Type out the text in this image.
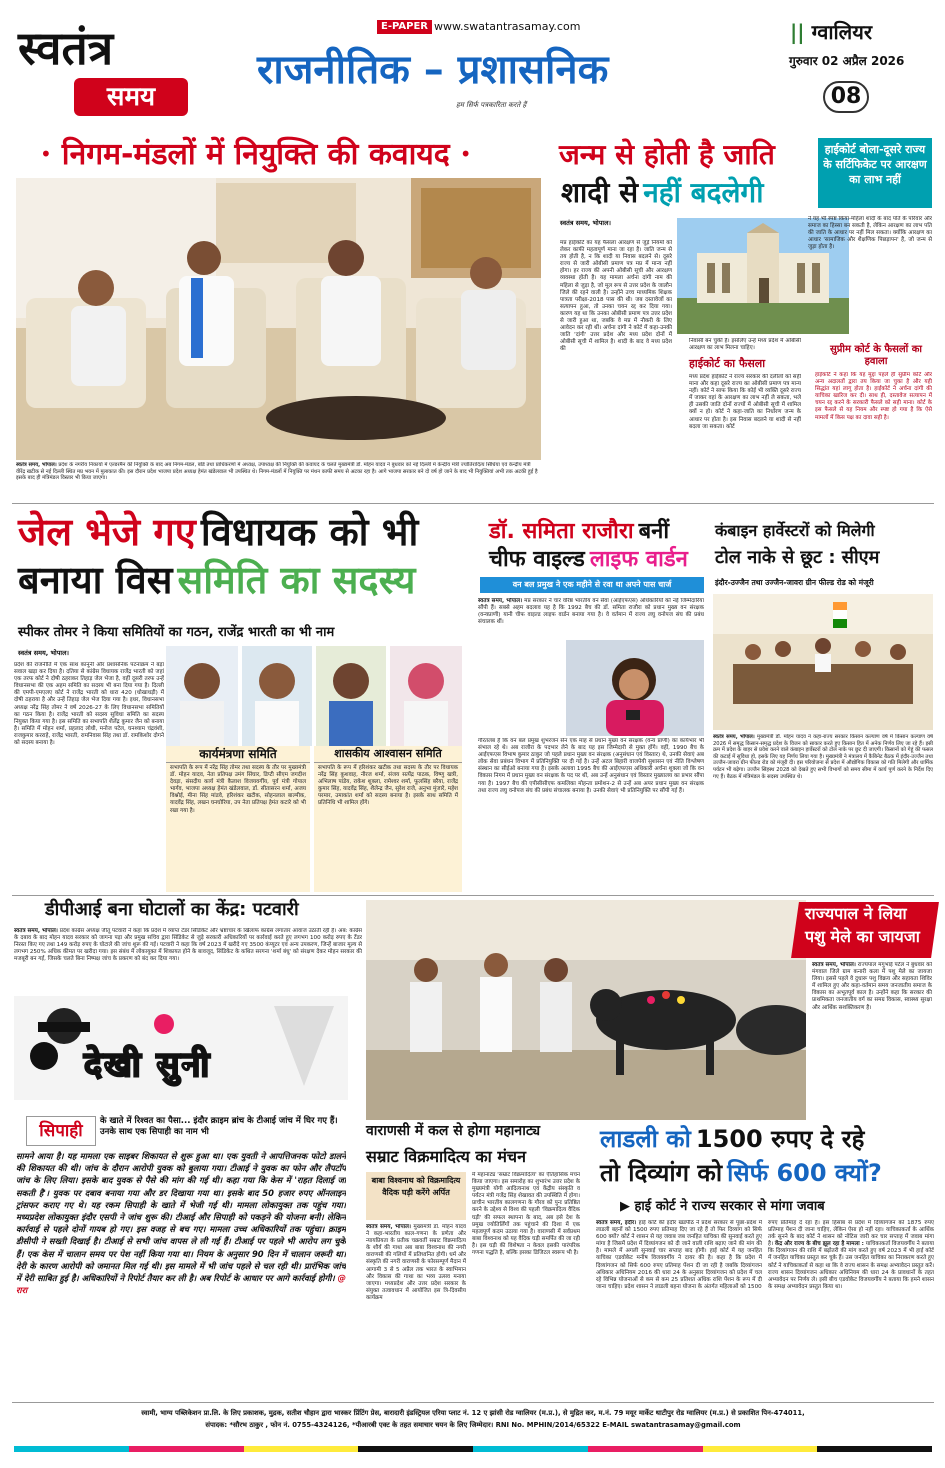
स्वतंत्र
समय
E-PAPER www.swatantrasamay.com
राजनीतिक – प्रशासनिक
हम सिर्फ पत्रकारिता करते हैं
|| ग्वालियर
गुरुवार 02 अप्रैल 2026
08
• निगम-मंडलों में नियुक्ति की कवायद •
स्वतंत्र समय, भोपाल। प्रदेश के नगरीय निकायों में एल्डरमैन की नियुक्ति के बाद अब निगम-मंडल, बोर्ड तथा प्राधिकरणों में अध्यक्ष, उपाध्यक्ष की नियुक्ति की कवायद के चलते मुख्यमंत्री डॉ. मोहन यादव ने बुधवार को नई दिल्ली में केन्द्रीय मंत्री ज्योतिरादित्य सिंधिया एवं केन्द्रीय मंत्री वीरेंद्र खटीक से नई दिल्ली स्थित मप्र भवन में मुलाकात की। इस दौरान प्रदेश भाजपा प्रदेश अध्यक्ष हेमंत खंडेलवाल भी उपस्थित थे। निगम-मंडलों में नियुक्ति पर मंथन काफी समय से अटका रहा है। आगे भाजपा सरकार बने दो वर्ष हो जाने के बाद भी नियुक्तियां अभी तक अटकी हुई है इसके बाद ही मंत्रिमंडल विस्तार भी किया जाएगा।
जन्म से होती है जाति
शादी से नहीं बदलेगी
हाईकोर्ट बोला-दूसरे राज्य के सर्टिफिकेट पर आरक्षण का लाभ नहीं
स्वतंत्र समय, भोपाल।
मप्र हाईकोर्ट का यह फैसला आरक्षण से जुड़े नियमों को लेकर काफी महत्वपूर्ण माना जा रहा है। जाति जन्म से तय होती है, न कि शादी या निवास बदलने से। दूसरे राज्य से जारी ओबीसी प्रमाण पत्र मप्र में मान्य नहीं होगा। हर राज्य की अपनी ओबीसी सूची और आरक्षण व्यवस्था होती है। यह मामला अर्चना दांगी नाम की महिला से जुड़ा है, जो मूल रूप से उत्तर प्रदेश के जालौन जिले की रहने वाली है। उन्होंने उच्च माध्यमिक शिक्षक पात्रता परीक्षा-2018 पास की थी। जब दस्तावेजों का सत्यापन हुआ, तो उनका चयन रद्द कर दिया गया। कारण यह था कि उनका ओबीसी प्रमाण पत्र उत्तर प्रदेश से जारी हुआ था, जबकि वे मप्र में नौकरी के लिए आवेदन कर रही थीं। अर्चना दांगी ने कोर्ट में कहा-उनकी जाति 'दांगी' उत्तर प्रदेश और मध्य प्रदेश दोनों में ओबीसी सूची में शामिल है। शादी के बाद वे मध्य प्रदेश की
निवासी बन चुकी हैं। इसलिए उन्हें मध्य प्रदेश में ओबीसी आरक्षण का लाभ मिलना चाहिए।
हाईकोर्ट का फैसला
मध्य प्रदेश हाईकोर्ट ने राज्य सरकार की दलीलों को सही माना और कहा दूसरे राज्य का ओबीसी प्रमाण पत्र मान्य नहीं। कोर्ट ने साफ किया कि कोई भी व्यक्ति दूसरे राज्य में जाकर वहां के आरक्षण का लाभ नहीं ले सकता, भले ही उसकी जाति दोनों राज्यों में ओबीसी सूची में शामिल क्यों न हो। कोर्ट ने कहा-जाति का निर्धारण जन्म के आधार पर होता है। इस निवास बदलने या शादी से नहीं बदला जा सकता। कोर्ट
ने यह भी स्पष्ट किया-महिला शादी के बाद पति के परिवार और समाज का हिस्सा बन सकती है, लेकिन आरक्षण का लाभ पति की जाति के आधार पर नहीं मिल सकता। क्योंकि आरक्षण का आधार 'सामाजिक और शैक्षणिक पिछड़ापन' है, जो जन्म से जुड़ा होता है।
सुप्रीम कोर्ट के फैसलों का हवाला
हाईकोर्ट ने कहा कि यह मुद्दा पहले ही सुप्रीम कोर्ट और अन्य अदालतों द्वारा तय किया जा चुका है और यही सिद्धांत यहां लागू होता है। हाईकोर्ट ने अर्चना दांगी की याचिका खारिज कर दी। साथ ही, दस्तावेज सत्यापन में चयन रद्द करने के सरकारी फैसले को सही माना। कोर्ट के इस फैसले से यह नियम और स्पष्ट हो गया है कि ऐसे मामलों में किस पक्ष का दावा सही है।
जेल भेजे गए विधायक को भी
बनाया विस समिति का सदस्य
स्पीकर तोमर ने किया समितियों का गठन, राजेंद्र भारती का भी नाम
स्वतंत्र समय, भोपाल।
प्रदेश की राजनीति में एक साथ कानूनी और प्रशासनिक पटनाक्रम ने बड़ा सवाल खड़ा कर दिया है। दतिया से कांग्रेस विधायक राजेंद्र भारती को जहां एक तरफ कोर्ट ने दोषी ठहराकर तिहाड़ जेल भेजा है, वहीं दूसरी तरफ उन्हें विधानसभा की एक अहम समिति का सदस्य भी बना दिया गया है। दिल्ली की एमपी-एमएलए कोर्ट ने राजेंद्र भारती को धारा 420 (धोखाधड़ी) में दोषी ठहराया है और उन्हें तिहाड़ जेल भेज दिया गया है। इधर, विधानसभा अध्यक्ष नरेंद्र सिंह तोमर ने वर्ष 2026-27 के लिए विधानसभा समितियों का गठन किया है। राजेंद्र भारती को सदस्य सुविधा समिति का सदस्य नियुक्त किया गया है। इस समिति का सभापति शैलेंद्र कुमार जैन को बनाया है। समिति में मोहन शर्मा, प्रहलाद लोधी, मनोज पटेल, घनश्याम चंद्रवंशी, राजकुमार करराहे, राजेंद्र भारती, रामनिवास सिंह तथा डॉ. रामकिशोर दोगने को सदस्य बनाया है।
कार्यमंत्रणा समिति
सभापति के रूप में नरेंद्र सिंह तोमर तथा सदस्य के तौर पर मुख्यमंत्री डॉ. मोहन यादव, नेता प्रतिपक्ष उमंग सिंघार, डिप्टी सीएम जगदीश देवड़ा, संसदीय कार्य मंत्री कैलाश विजयवर्गीय, पूर्व मंत्री गोपाल भार्गव, भाजपा अध्यक्ष हेमंत खंडेलवाल, डॉ. सीतासरन शर्मा, अजय विश्नोई, मीना सिंह मांडवे, हरिशंकर खटीक, सोहनलाल बाल्मीक, यादवेंद्र सिंह, लखन घनघोरिया, उप नेता प्रतिपक्ष हेमंत कटारे को भी रखा गया है।
शासकीय आश्वासन समिति
सभापति के रूप में हरिशंकर खटीक तथा सदस्य के तौर पर विधायक नरेंद्र सिंह कुशवाह, नीरज शर्मा, संजय सत्येंद्र पाठक, विष्णु खत्री, अभिलाष पांडेय, राकेश शुक्ला, रामेश्वर शर्मा, फूलसिंह बरैया, राजेंद्र कुमार सिंह, यादवेंद्र सिंह, शैलेन्द्र जैन, सुरेश राजे, अनुभा मुंजारे, महेश परमार, उमाकांत शर्मा को सदस्य बनाया है। इसके साथ समिति में प्रतिनिधि भी शामिल होंगे।
डॉ. समिता राजौरा बनीं
चीफ वाइल्ड लाइफ वार्डन
वन बल प्रमुख ने एक महीने से रवा था अपने पास चार्ज
स्वतंत्र समय, भोपाल। मप्र सरकार ने चार वरिष्ठ भारतीय वन सेवा (आईएफएस) अधिकारियों को नई जिम्मेदारियां सौंपी हैं। सबसे अहम बदलाव यह है कि 1992 बैच की डॉ. समिता राजौरा को प्रधान मुख्य वन संरक्षक (वन्यप्राणी) यानी चीफ वाइल्ड लाइफ वार्डन बनाया गया है। वे वर्तमान में राज्य लघु वनोपज संघ की प्रबंध संचालक थीं।
गौरतलब है कि वन बल प्रमुख शुभरंजन सेन एक माह से प्रधान मुख्य वन संरक्षक (वन्य प्राणी) का कार्यभार भी संभाल रहे थे। अब राजौरा के पदभार लेने के बाद यह इस जिम्मेदारी से मुक्त होंगे। वहीं, 1990 बैच के आईएफएस विभाष कुमार ठाकुर जो पहले प्रधान मुख्य वन संरक्षक (अनुसंधान एवं विस्तार) थे, उनकी सेवाएं अब लोक सेवा प्रबंधन विभाग में प्रतिनियुक्ति पर दी गई है। उन्हें अटल बिहारी वाजपेयी सुशासन एवं नीति विश्लेषण संस्थान का सीईओ बनाया गया है। इसके अलावा 1995 बैच की आईएफएस अधिकारी अर्चना शुक्ला जो कि वन विकास निगम में प्रधान मुख्य वन संरक्षक के पद पर थीं, अब उन्हें अनुसंधान एवं विस्तार मुख्यालय का प्रभार सौंपा गया है। 1997 बैच की एपीसीसीएफ कमलिका मोहन्ता प्रमोशन-2 से उन्हें अब अपर प्रधान मुख्य वन संरक्षक तथा राज्य लघु वनोपज संघ की प्रबंध संचालक बनाया है। उनकी सेवाएं भी प्रतिनियुक्ति पर सौंपी गई हैं।
कंबाइन हार्वेस्टरों को मिलेगी
टोल नाके से छूट : सीएम
इंदौर-उज्जैन तथा उज्जैन-जावरा ग्रीन फील्ड रोड को मंजूरी
स्वतंत्र समय, भोपाल। मुख्यमंत्री डॉ. मोहन यादव ने कहा-राज्य सरकार किसान कल्याण वर्ष में किसान कल्याण वर्ष 2026 में समृद्ध किसान-समृद्ध प्रदेश के विजन को साकार करते हुए किसान हित में अनेक निर्णय लिए जा रहे हैं। इसी क्रम में प्रदेश के बाहर से प्रवेश करने वाले कंबाइन हार्वेस्टरों को टोल नाके पर छूट दी जाएगी। किसानों को गेहूं की फसल की कटाई में सुविधा हो, इसके लिए यह निर्णय लिया गया है। मुख्यमंत्री ने मंत्रालय में कैबिनेट बैठक में इंदौर-उज्जैन तथा उज्जैन-जावरा ग्रीन फील्ड रोड को मंजूरी दी। इस परियोजना से प्रदेश में औद्योगिक विकास को गति मिलेगी और धार्मिक पर्यटन भी बढ़ेगा। उज्जैन सिंहस्थ 2028 को देखते हुए सभी विभागों को समय सीमा में कार्य पूर्ण करने के निर्देश दिए गए हैं। बैठक में मंत्रिमंडल के सदस्य उपस्थित थे।
डीपीआई बना घोटालों का केंद्र: पटवारी
स्वतंत्र समय, भोपाल। प्रदेश कांग्रेस अध्यक्ष जीतू पटवारी ने कहा कि प्रदेश में व्याप्त टेंडर सिंडिकेट और भ्रष्टाचार के खिलाफ कांग्रेस लगातार आवाज उठाती रही है। अब: कांग्रेस के दबाव के बाद मोहन यादव सरकार को जागना पड़ा और प्रमुख सचिव द्वारा सिंडिकेट से जुड़े सरकारी अधिकारियों पर कार्रवाई करते हुए लगभग 100 करोड़ रुपए के टेंडर निरस्त किए गए तथा 149 करोड़ रुपए के घोटाले की जांच शुरू की गई। पटवारी ने कहा कि वर्ष 2023 में खरीदे गए 3500 कंप्यूटर एवं अन्य उपकरण, जिन्हें बाजार मूल्य से लगभग 250% अधिक कीमत पर खरीदा गया। इस संबंध में लोकायुक्त में शिकायत होने के बावजूद, सिंडिकेट के कथित सरगना 'शर्मा बंधु' को संरक्षण देकर मोहन सरकार की मजबूरी बन गई, जिसके चलते बिना निष्पक्ष जांच के प्रकरण को बंद कर दिया गया।
राज्यपाल ने लिया
पशु मेले का जायजा
स्वतंत्र समय, भोपाल। राज्यपाल मंगुभाई पटेल ने बुधवार को मंगवाल जिले ग्राम कनारी कला में पशु मेले का जायजा लिया। इससे पहले वे दुधारू पशु विक्रय और सहायता शिविर में शामिल हुए और कहा-वर्तमान समय जनजातीय समाज के विकास का अभूतपूर्व काल है। उन्होंने कहा कि सरकार की प्राथमिकता जनजातीय वर्ग का समग्र विकास, स्वास्थ्य सुरक्षा और आर्थिक सशक्तिकरण है।
देखी सुनी
सिपाही	के खाते में रिश्वत का पैसा... इंदौर क्राइम ब्रांच के टीआई जांच में घिर गए हैं। उनके साथ एक सिपाही का नाम भी
सामने आया है। यह मामला एक साइबर शिकायत से शुरू हुआ था। एक युवती ने आपत्तिजनक फोटो डालने की शिकायत की थी। जांच के दौरान आरोपी युवक को बुलाया गया। टीआई ने युवक का फोन और लैपटॉप जांच के लिए लिया। इसके बाद युवक से पैसे की मांग की गई थी। कहा गया कि केस में 'राहत दिलाई जा सकती है'। युवक पर दबाव बनाया गया और डर दिखाया गया था। इसके बाद 50 हजार रुपए ऑनलाइन ट्रांसफर कराए गए थे। यह रकम सिपाही के खाते में भेजी गई थी। मामला लोकायुक्त तक पहुंच गया। मध्यप्रदेश लोकायुक्त इंदौर एसपी ने जांच शुरू की। टीआई और सिपाही को पकड़ने की योजना बनी। लेकिन कार्रवाई से पहले दोनों गायब हो गए। इस वजह से बच गए। मामला उच्च अधिकारियों तक पहुंचा। क्राइम डीसीपी ने सख्ती दिखाई है। टीआई से सभी जांच वापस ले ली गई हैं। टीआई पर पहले भी आरोप लग चुके हैं। एक केस में चालान समय पर पेश नहीं किया गया था। नियम के अनुसार 90 दिन में चालान जरूरी था। देरी के कारण आरोपी को जमानत मिल गई थी। इस मामले में भी जांच पहले से चल रही थी। प्रारंभिक जांच में देरी साबित हुई है। अधिकारियों ने रिपोर्ट तैयार कर ली है। अब रिपोर्ट के आधार पर आगे कार्रवाई होगी। @ रारा
वाराणसी में कल से होगा महानाट्य
सम्राट विक्रमादित्य का मंचन
बाबा विश्वनाथ को विक्रमादित्य वैदिक घड़ी करेंगे अर्पित
स्वतंत्र समय, भोपाल। मुख्यमंत्री डॉ. मोहन यादव ने कहा-भारतीय काल-गणना के प्रणेता और न्यायप्रियता के प्रतीक चक्रवर्ती सम्राट विक्रमादित्य के शौर्य की गाथा अब बाबा विश्वनाथ की नगरी वाराणसी की गलियों में प्रतिध्वनित होगी। धर्म और संस्कृति की नगरी वाराणसी के फोरसम्पूर्ण मैदान में आगामी 3 से 5 अप्रैल तक भारत के स्वाभिमान और विकास की गाथा का भव्य उत्सव मनाया जाएगा। मध्यप्रदेश और उत्तर प्रदेश सरकार के संयुक्त तत्वावधान में आयोजित इस त्रि-दिवसीय कार्यक्रम
में महानाट्य 'सम्राट विक्रमादित्य' का ऐतिहासिक मंचन किया जाएगा। इस समारोह का शुभारंभ उत्तर प्रदेश के मुख्यमंत्री योगी आदित्यनाथ एवं केंद्रीय संस्कृति व पर्यटन मंत्री गजेंद्र सिंह शेखावत की उपस्थिति में होगा। प्राचीन भारतीय कालगणना के गौरव को पुनः प्रतिष्ठित करने के उद्देश्य से विश्व की पहली 'विक्रमादित्य वैदिक घड़ी' की सफल स्थापना के बाद, अब इसे देश के प्रमुख ज्योतिर्लिंगों तक पहुंचाने की दिशा में एक महत्वपूर्ण कदम उठाया गया है। वाराणसी में सर्वप्रथम बाबा विश्वनाथ को यह वैदिक घड़ी समर्पित की जा रही है। इस घड़ी की विशेषता न केवल इसकी पारंपरिक गणना पद्धति है, बल्कि इसका डिजिटल स्वरूप भी है।
लाडली को 1500 रुपए दे रहे
तो दिव्यांग को सिर्फ 600 क्यों?
▶ हाई कोर्ट ने राज्य सरकार से मांगा जवाब
स्वतंत्र समय, इंदौर। हाई कोर्ट की इंदौर खंडपीठ ने प्रदेश सरकार से पूछा-प्रदेश में लाडली बहनों को 1500 रुपए प्रतिमाह दिए जा रहे हैं तो फिर दिव्यांग को सिर्फ 600 क्यों? कोर्ट ने शासन से यह जवाब जब जनहित याचिका की सुनवाई करते हुए मांगा है जिसमें प्रदेश में दिव्यांगजन को दी जाने वाली राशि बढ़ाए जाने की मांग की है। मामले में अगली सुनवाई चार सप्ताह बाद होगी। हाई कोर्ट में यह जनहित याचिका एडवोकेट मनीष विजयवर्गीय ने दायर की है। कहा है कि प्रदेश में दिव्यांगजन को सिर्फ 600 रुपए प्रतिमाह पेंशन दी जा रही है जबकि दिव्यांगजन अधिकार अधिनियम 2016 की धारा 24 के अनुसार दिव्यांगजन को प्रदेश में चल रहे विभिन्न योजनाओं से कम से कम 25 प्रतिशत अधिक राशि पेंशन के रूप में दी जाना चाहिए। प्रदेश शासन ने लाडली बहना योजना के अंतर्गत महिलाओं को 1500
रुपए प्रतिमाह दे रहा है। इस हिसाब से प्रदेश में दिव्यांगजन को 1875 रुपए प्रतिमाह पेंशन दी जाना चाहिए, लेकिन ऐसा हो नहीं रहा। याचिकाकर्ता के आर्थिक तर्क सुनने के बाद कोर्ट ने शासन को नोटिस जारी कर चार सप्ताह में जवाब मांगा है। केंद्र और राज्य के बीच झूल रहा है मामला : याचिकाकर्ता विजयवर्गीय ने बताया कि दिव्यांगजन की राशि में बढ़ोतरी की मांग करते हुए वर्ष 2023 में भी हाई कोर्ट में जनहित याचिका प्रस्तुत कर चुके हैं। उस जनहित याचिका का निराकरण करते हुए कोर्ट ने याचिकाकर्ता से कहा था कि वे राज्य शासन के समक्ष अभ्यावेदन प्रस्तुत करें। राज्य शासन दिव्यांगजन अधिकार अधिनियम की धारा 24 के प्रावधानों के तहत अभ्यावेदन पर निर्णय ले। इसी बीच एडवोकेट विजयवर्गीय ने बताया कि हमने शासन के समक्ष अभ्यावेदन प्रस्तुत किया था।
स्वामी, भाग्य पब्लिकेशन प्रा.लि. के लिए प्रकाशक, मुद्रक, सतीश चौहान द्वारा भास्कर प्रिंटिंग प्रेस, बारादारी इंडस्ट्रियल एरिया प्लाट नं. 12 ए झांसी रोड ग्वालियर (म.प्र.), से मुद्रित कर, म.नं. 79 मयूर मार्केट थाटीपुर रोड ग्वालियर (म.प्र.) से प्रकाशित पिन-474011,
संपादक: *सौरभ ठाकुर , फोन नं. 0755-4324126, *पीआरबी एक्ट के तहत समाचार चयन के लिए जिम्मेदार। RNI No. MPHIN/2014/65322 E-MAIL swatantrasamay@gmail.com
